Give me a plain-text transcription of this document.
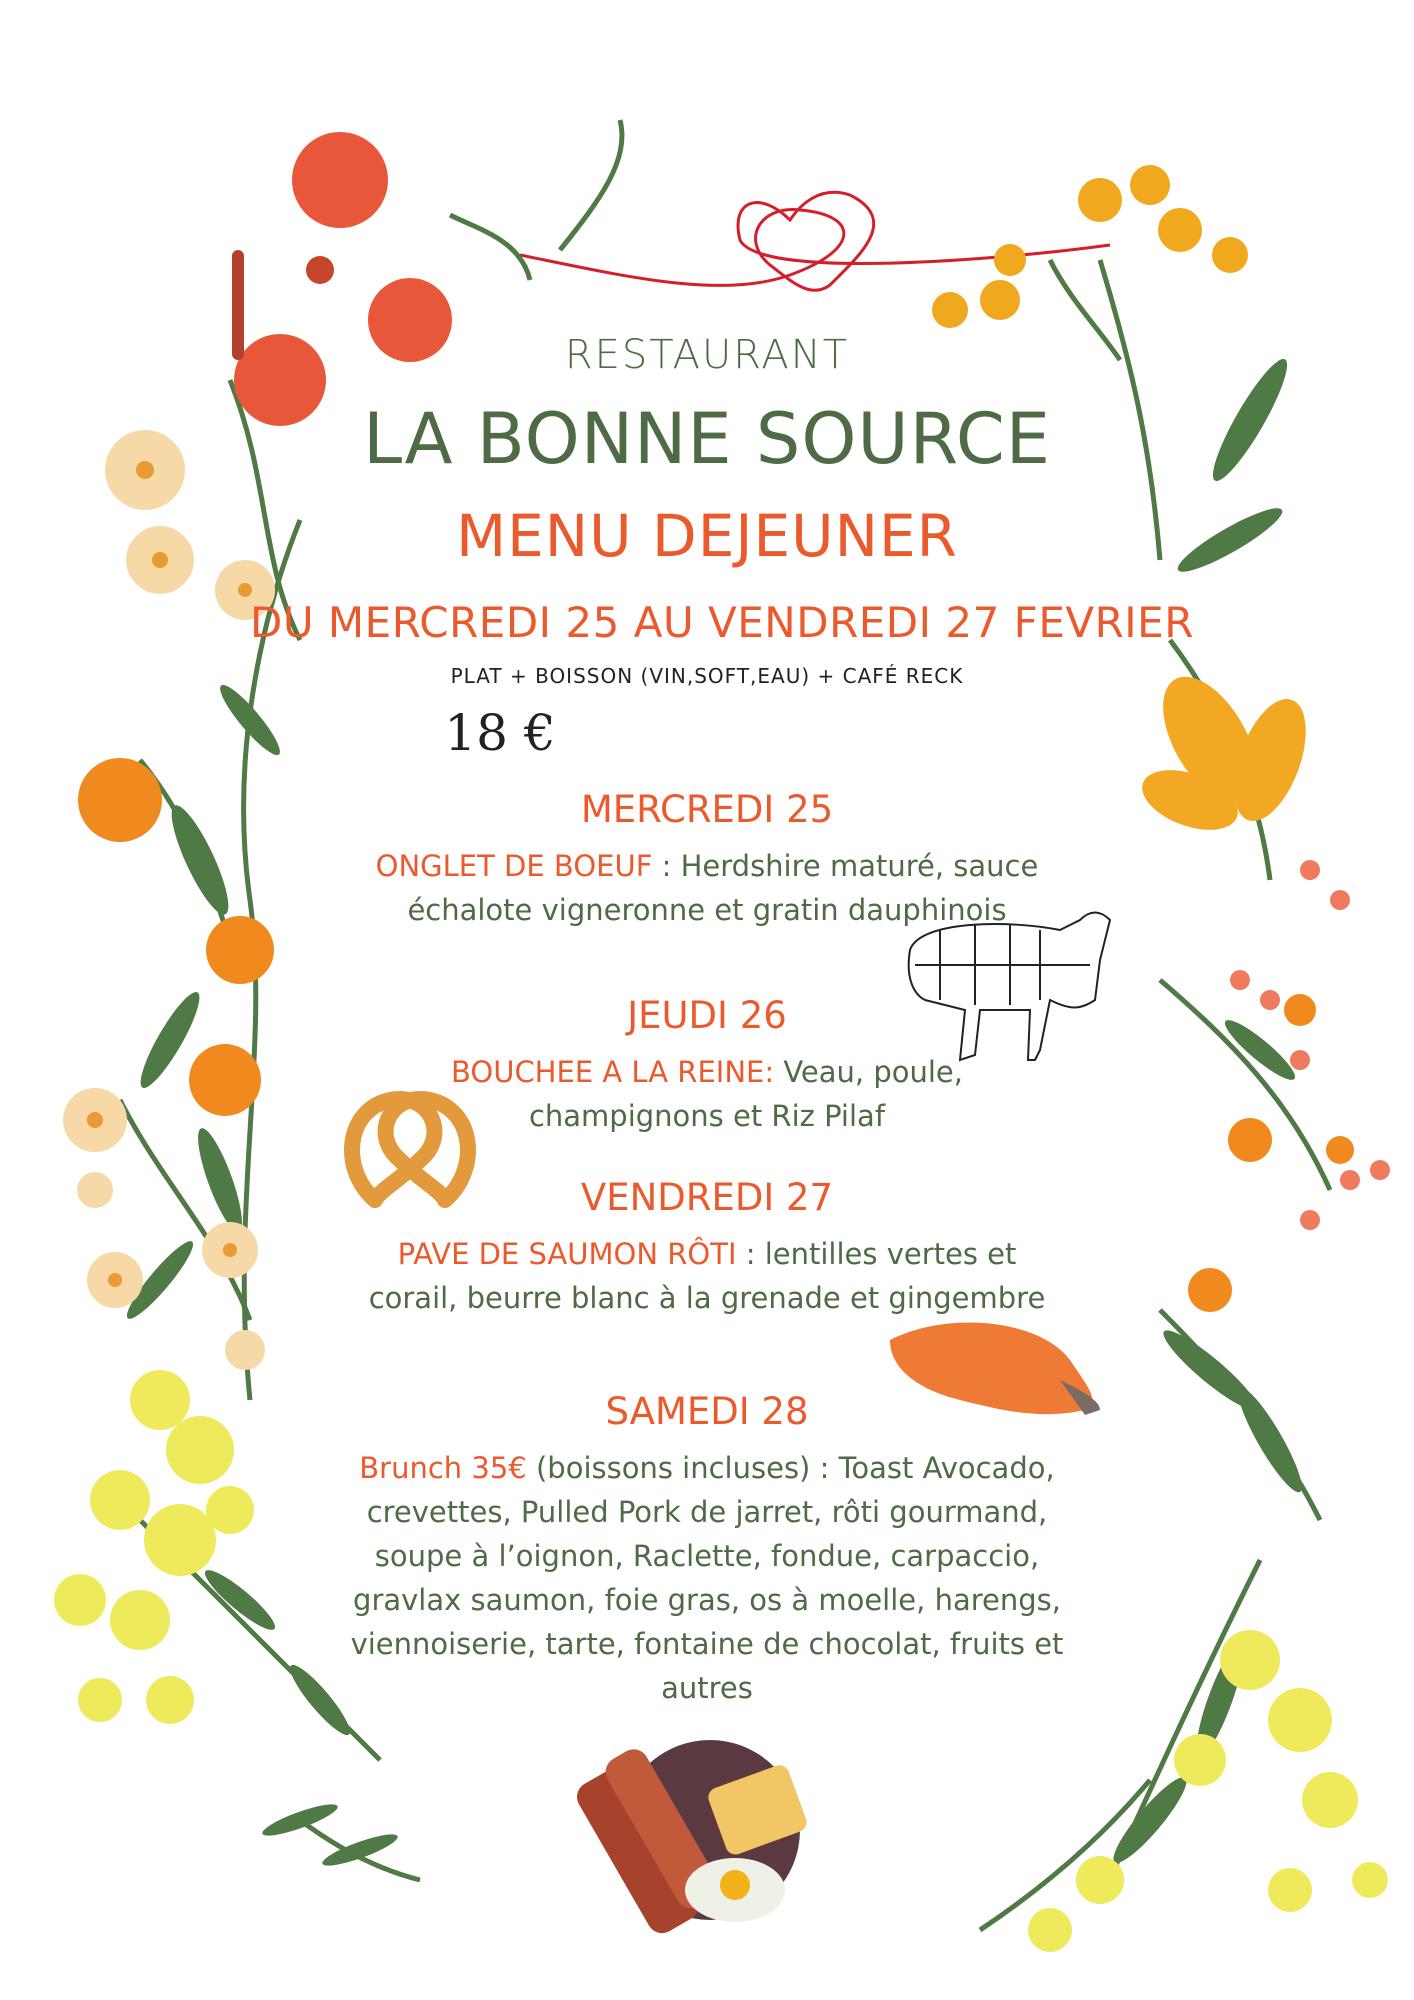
RESTAURANT
LA BONNE SOURCE
MENU DEJEUNER
DU MERCREDI 25 AU VENDREDI 27 FEVRIER
PLAT + BOISSON (VIN,SOFT,EAU) + CAFÉ RECK
18 €
MERCREDI 25
ONGLET DE BOEUF : Herdshire maturé, sauce échalote vigneronne et gratin dauphinois
JEUDI 26
BOUCHEE A LA REINE: Veau, poule, champignons et Riz Pilaf
VENDREDI 27
PAVE DE SAUMON RÔTI : lentilles vertes et corail, beurre blanc à la grenade et gingembre
SAMEDI 28
Brunch 35€ (boissons incluses) : Toast Avocado, crevettes, Pulled Pork de jarret, rôti gourmand, soupe à l’oignon, Raclette, fondue, carpaccio, gravlax saumon, foie gras, os à moelle, harengs, viennoiserie, tarte, fontaine de chocolat, fruits et autres
